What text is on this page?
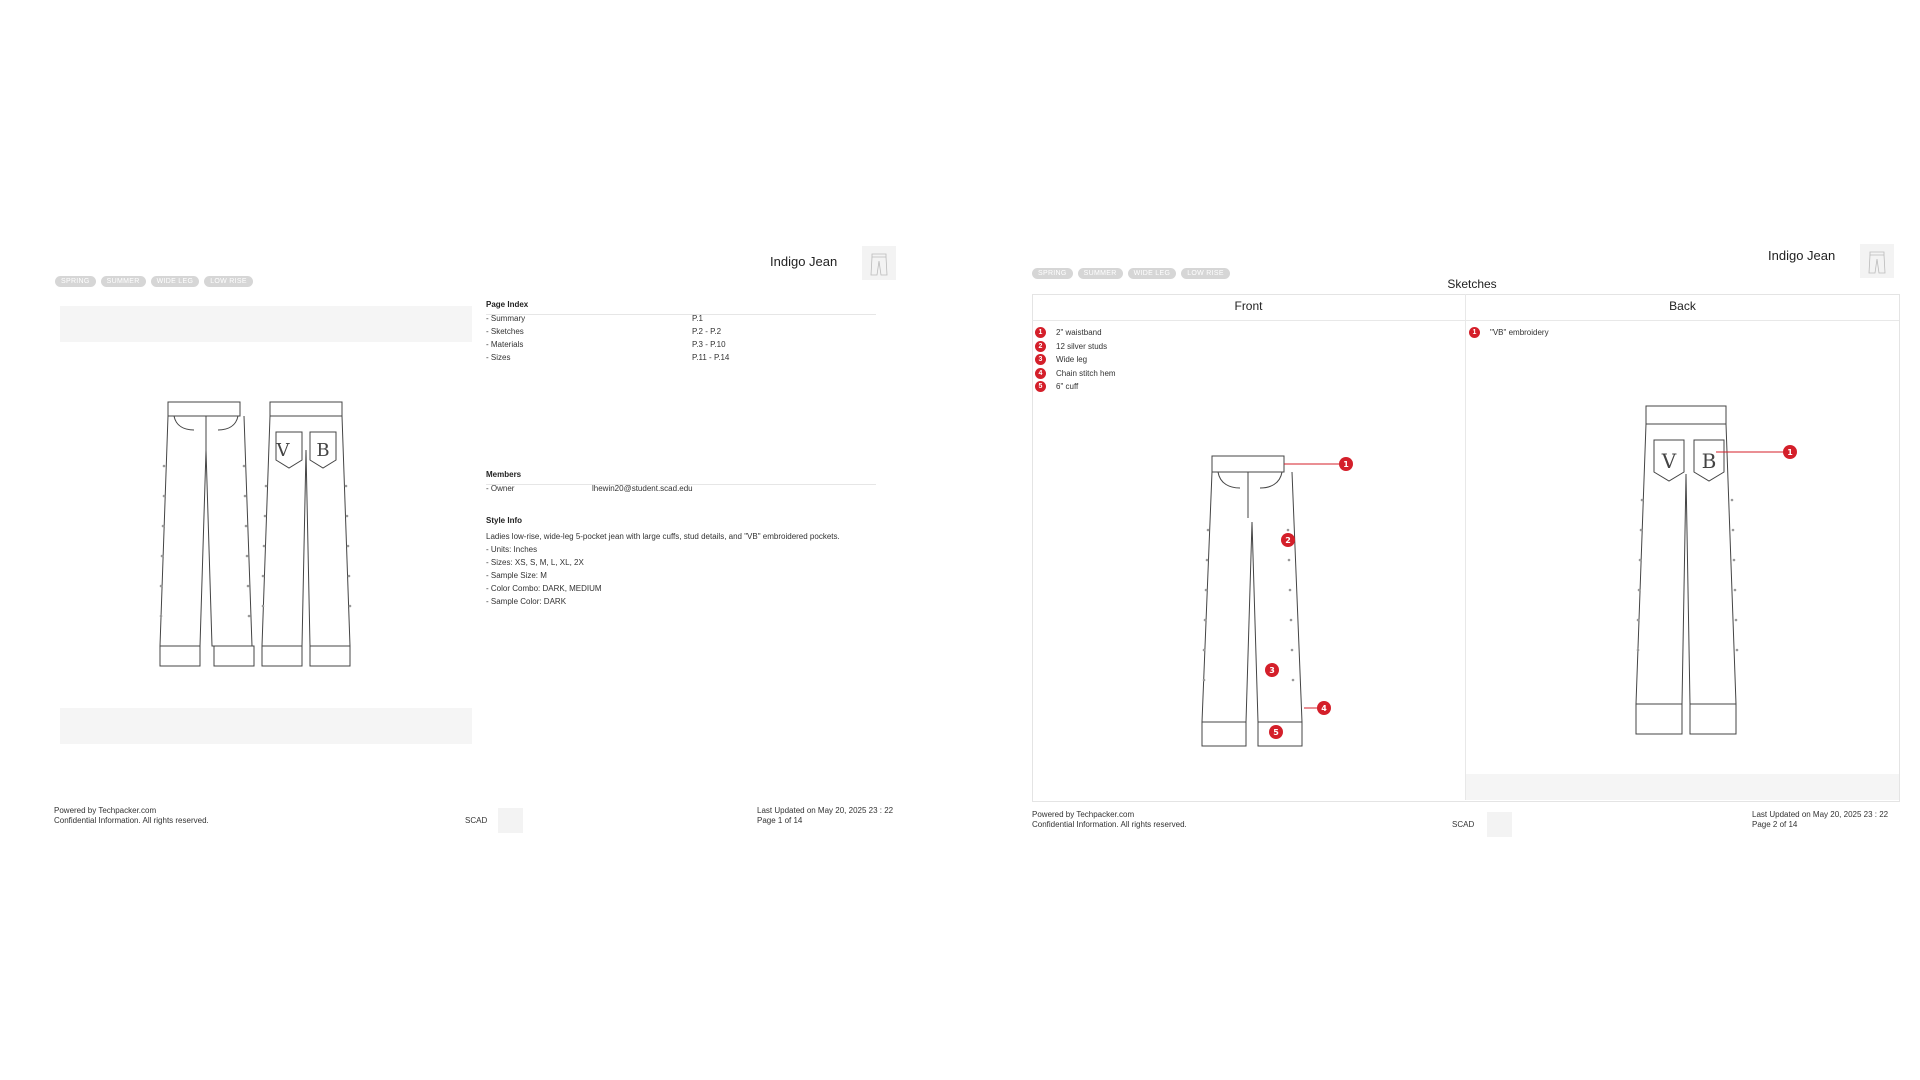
Indigo Jean
SPRING	SUMMER	WIDE LEG	LOW RISE
V B
Page Index
- Summary	P.1
- Sketches	P.2 - P.2
- Materials	P.3 - P.10
- Sizes	P.11 - P.14
Members
- Owner	lhewin20@student.scad.edu
Style Info
Ladies low-rise, wide-leg 5-pocket jean with large cuffs, stud details, and "VB" embroidered pockets.
- Units: Inches
- Sizes: XS, S, M, L, XL, 2X
- Sample Size: M
- Color Combo: DARK, MEDIUM
- Sample Color: DARK
Powered by Techpacker.com
Confidential Information. All rights reserved.	SCAD
Last Updated on May 20, 2025 23 : 22
Page 1 of 14
Indigo Jean
SPRING	SUMMER	WIDE LEG	LOW RISE
Sketches
Front	Back
1	2" waistband
2	12 silver studs
3	Wide leg
4	Chain stitch hem
5	6" cuff
1	"VB" embroidery
1
2
3
4
5
V B	1
Powered by Techpacker.com
Confidential Information. All rights reserved.	SCAD
Last Updated on May 20, 2025 23 : 22
Page 2 of 14
